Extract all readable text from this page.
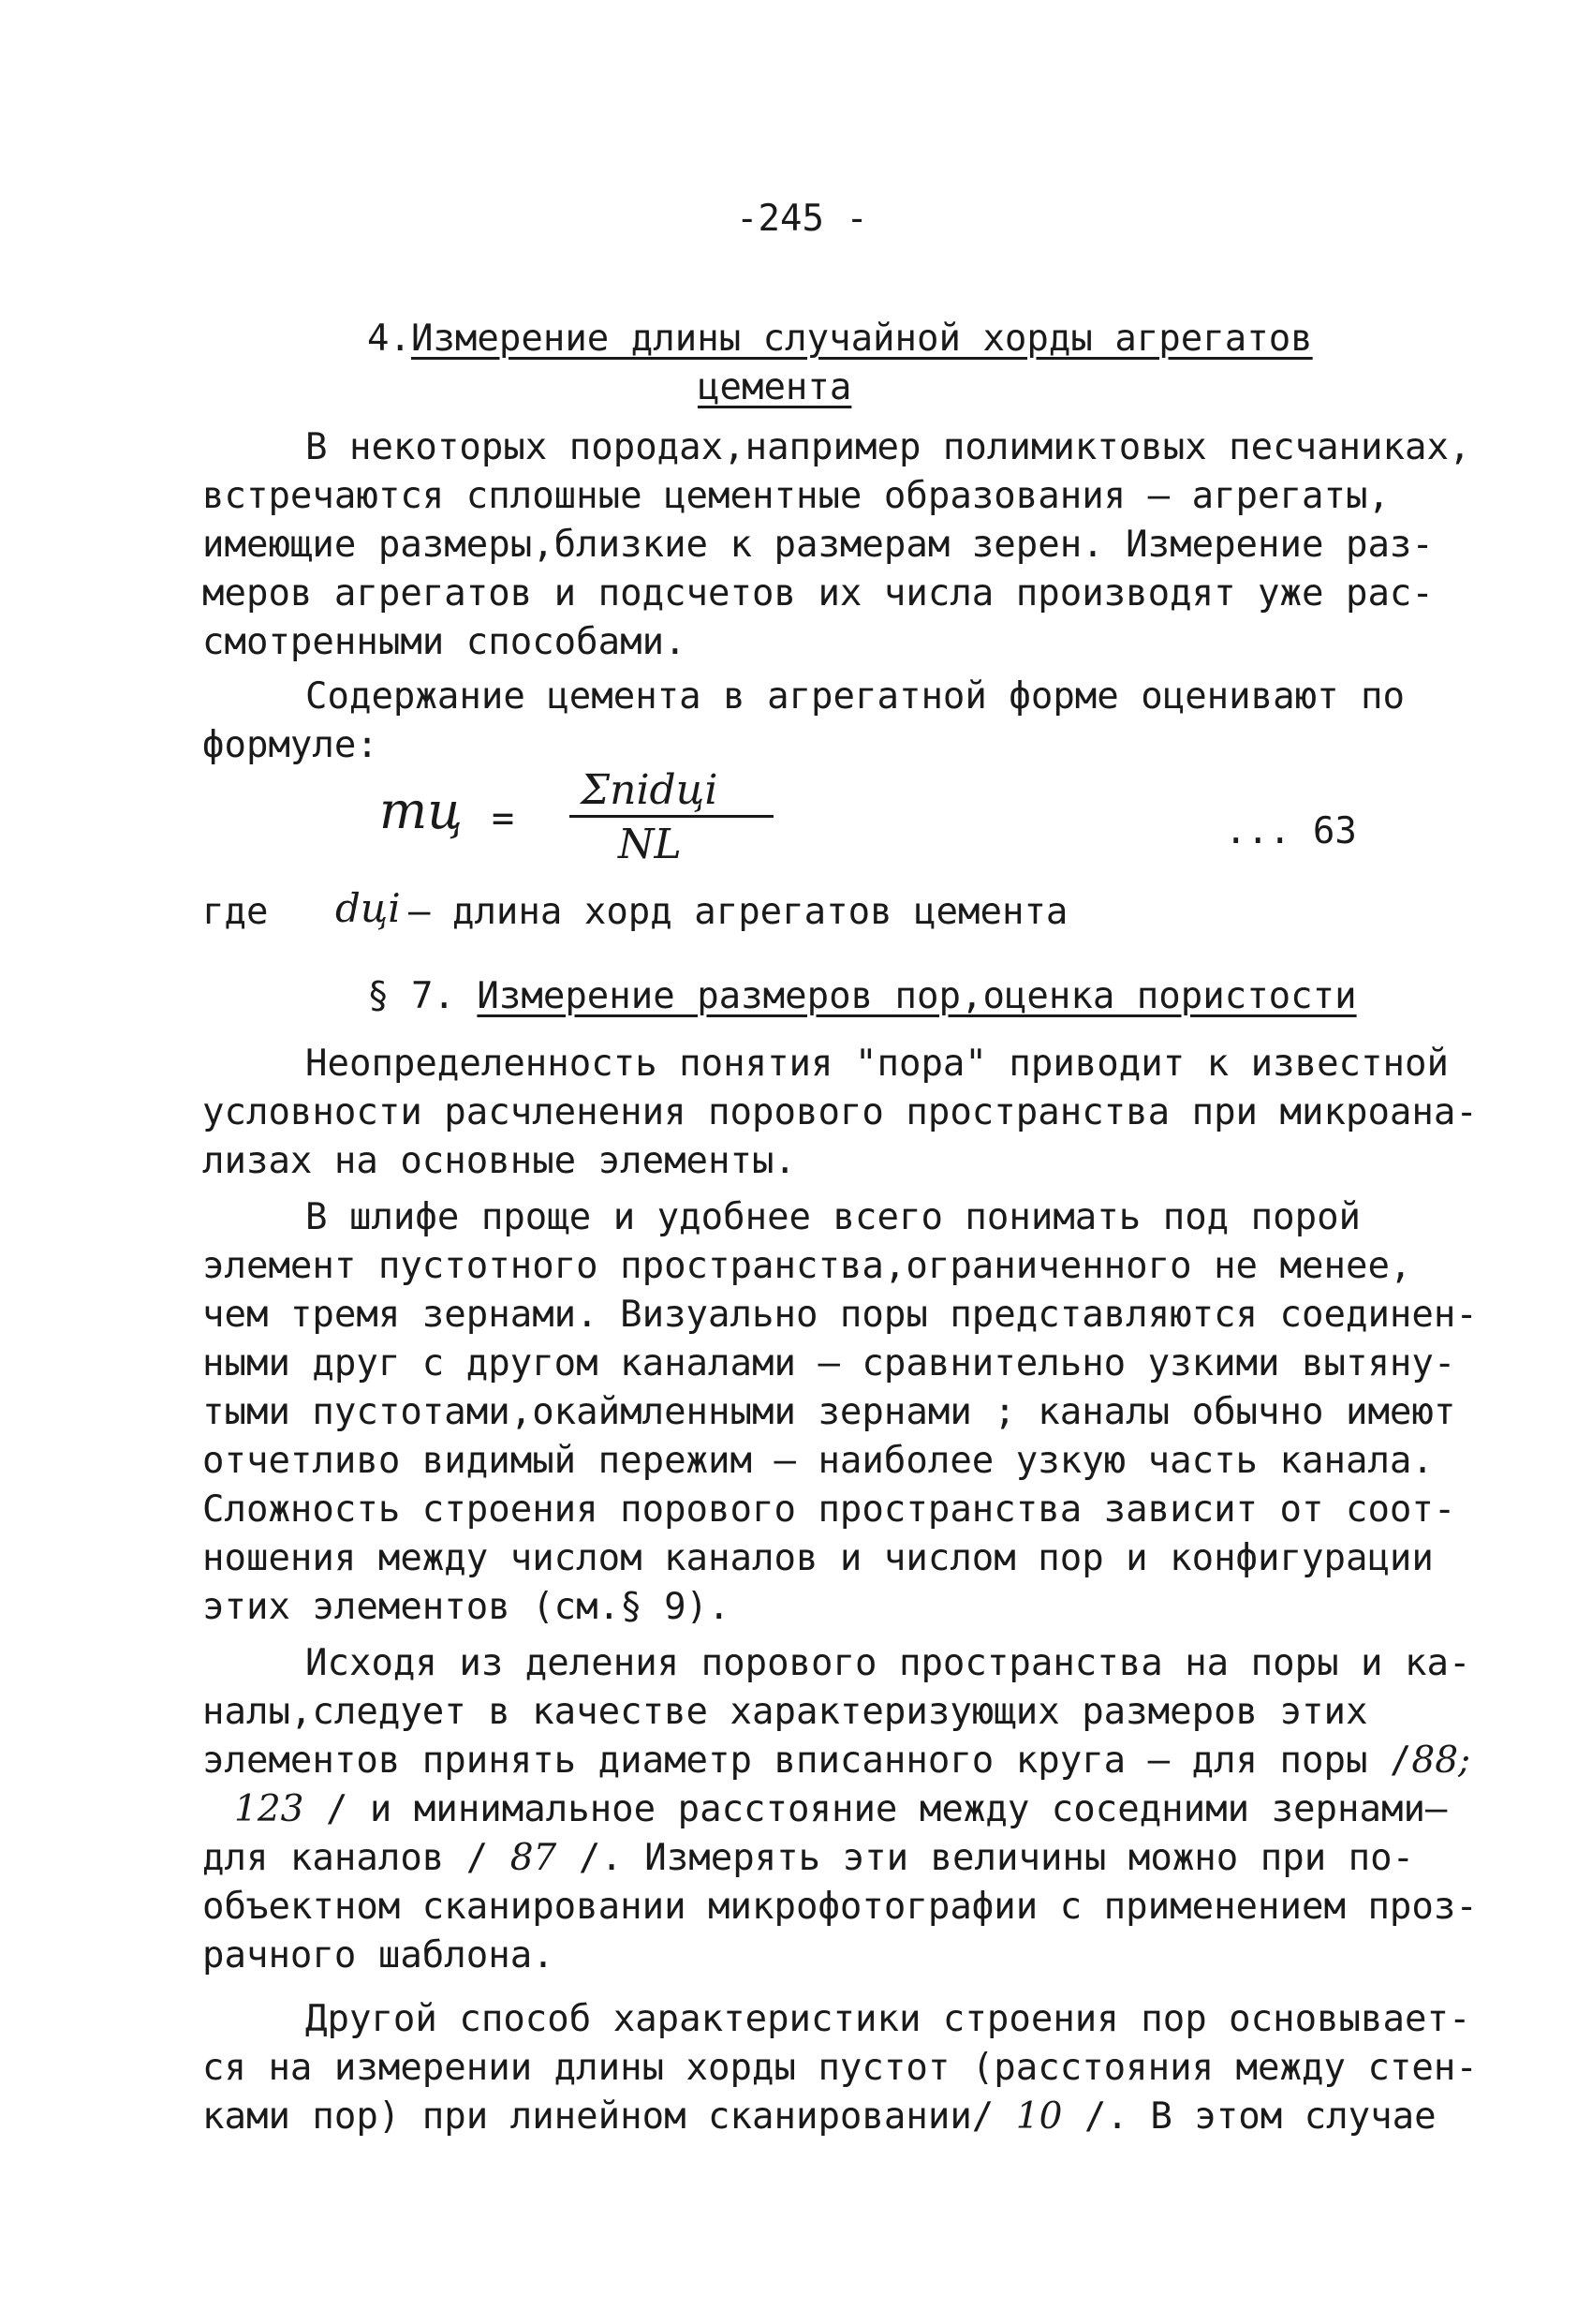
-245 -
4.Измерение длины случайной хорды агрегатов
цемента
В некоторых породах,например полимиктовых песчаниках,
встречаются сплошные цементные образования – агрегаты,
имеющие размеры,близкие к размерам зерен. Измерение раз-
меров агрегатов и подсчетов их числа производят уже рас-
смотренными способами.
Содержание цемента в агрегатной форме оценивают по
формуле:
mц =
Σnidцi
NL	... 63
где dцi – длина хорд агрегатов цемента
§ 7. Измерение размеров пор,оценка пористости
Неопределенность понятия "пора" приводит к известной
условности расчленения порового пространства при микроана-
лизах на основные элементы.
В шлифе проще и удобнее всего понимать под порой
элемент пустотного пространства,ограниченного не менее,
чем тремя зернами. Визуально поры представляются соединен-
ными друг с другом каналами – сравнительно узкими вытяну-
тыми пустотами,окаймленными зернами ; каналы обычно имеют
отчетливо видимый пережим – наиболее узкую часть канала.
Сложность строения порового пространства зависит от соот-
ношения между числом каналов и числом пор и конфигурации
этих элементов (см.§ 9).
Исходя из деления порового пространства на поры и ка-
налы,следует в качестве характеризующих размеров этих
элементов принять диаметр вписанного круга – для поры /88;
123 / и минимальное расстояние между соседними зернами–
для каналов / 87 /. Измерять эти величины можно при по-
объектном сканировании микрофотографии с применением проз-
рачного шаблона.
Другой способ характеристики строения пор основывает-
ся на измерении длины хорды пустот (расстояния между стен-
ками пор) при линейном сканировании/ 10 /. В этом случае
